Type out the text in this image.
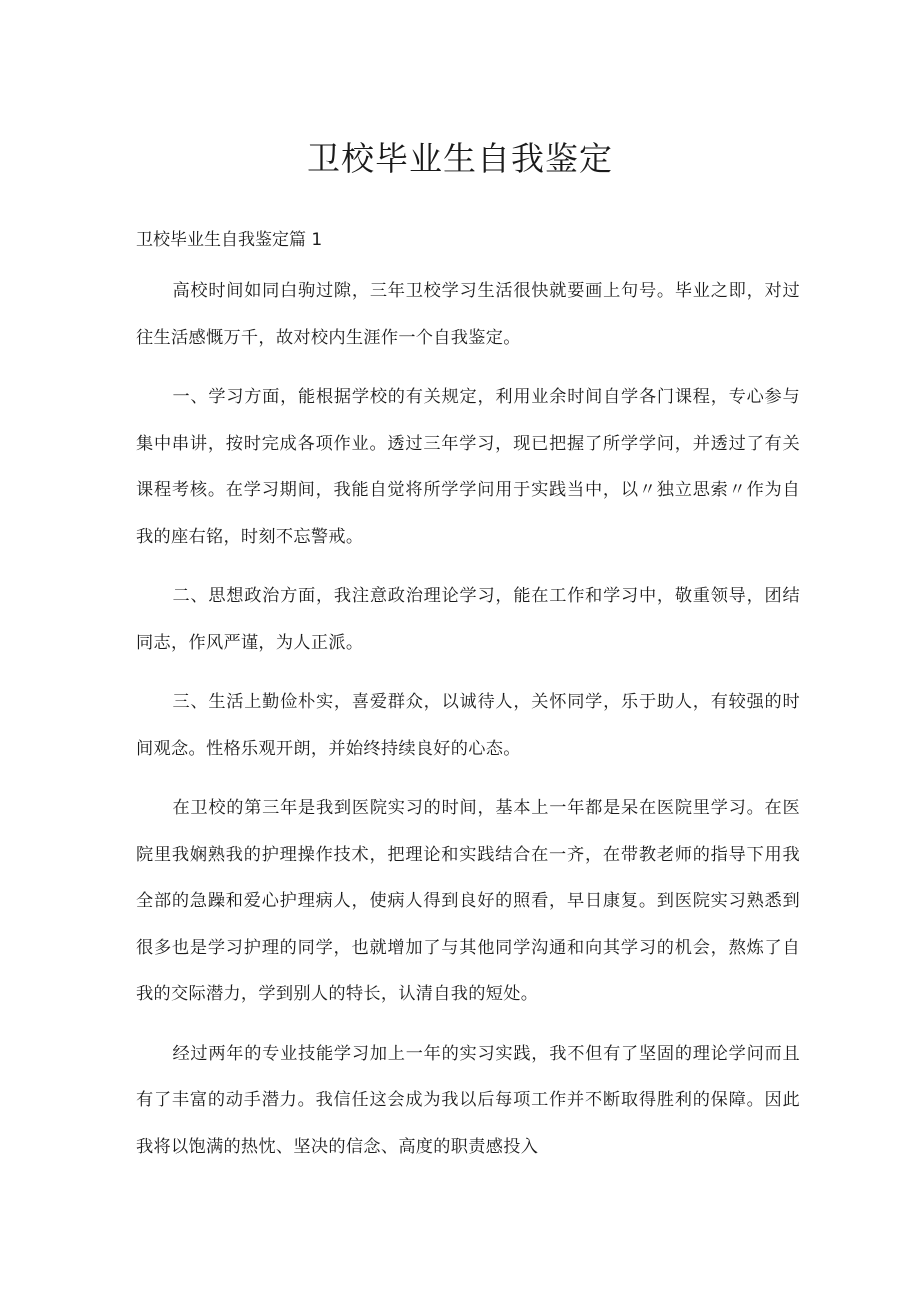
卫校毕业生自我鉴定

卫校毕业生自我鉴定篇 1

高校时间如同白驹过隙，三年卫校学习生活很快就要画上句号。毕业之即，对过往生活感慨万千，故对校内生涯作一个自我鉴定。

一、学习方面，能根据学校的有关规定，利用业余时间自学各门课程，专心参与集中串讲，按时完成各项作业。透过三年学习，现已把握了所学学问，并透过了有关课程考核。在学习期间，我能自觉将所学学问用于实践当中，以〃独立思索〃作为自我的座右铭，时刻不忘警戒。

二、思想政治方面，我注意政治理论学习，能在工作和学习中，敬重领导，团结同志，作风严谨，为人正派。

三、生活上勤俭朴实，喜爱群众，以诚待人，关怀同学，乐于助人，有较强的时间观念。性格乐观开朗，并始终持续良好的心态。

在卫校的第三年是我到医院实习的时间，基本上一年都是呆在医院里学习。在医院里我娴熟我的护理操作技术，把理论和实践结合在一齐，在带教老师的指导下用我全部的急躁和爱心护理病人，使病人得到良好的照看，早日康复。到医院实习熟悉到很多也是学习护理的同学，也就增加了与其他同学沟通和向其学习的机会，熬炼了自我的交际潜力，学到别人的特长，认清自我的短处。

经过两年的专业技能学习加上一年的实习实践，我不但有了坚固的理论学问而且有了丰富的动手潜力。我信任这会成为我以后每项工作并不断取得胜利的保障。因此我将以饱满的热忱、坚决的信念、高度的职责感投入
